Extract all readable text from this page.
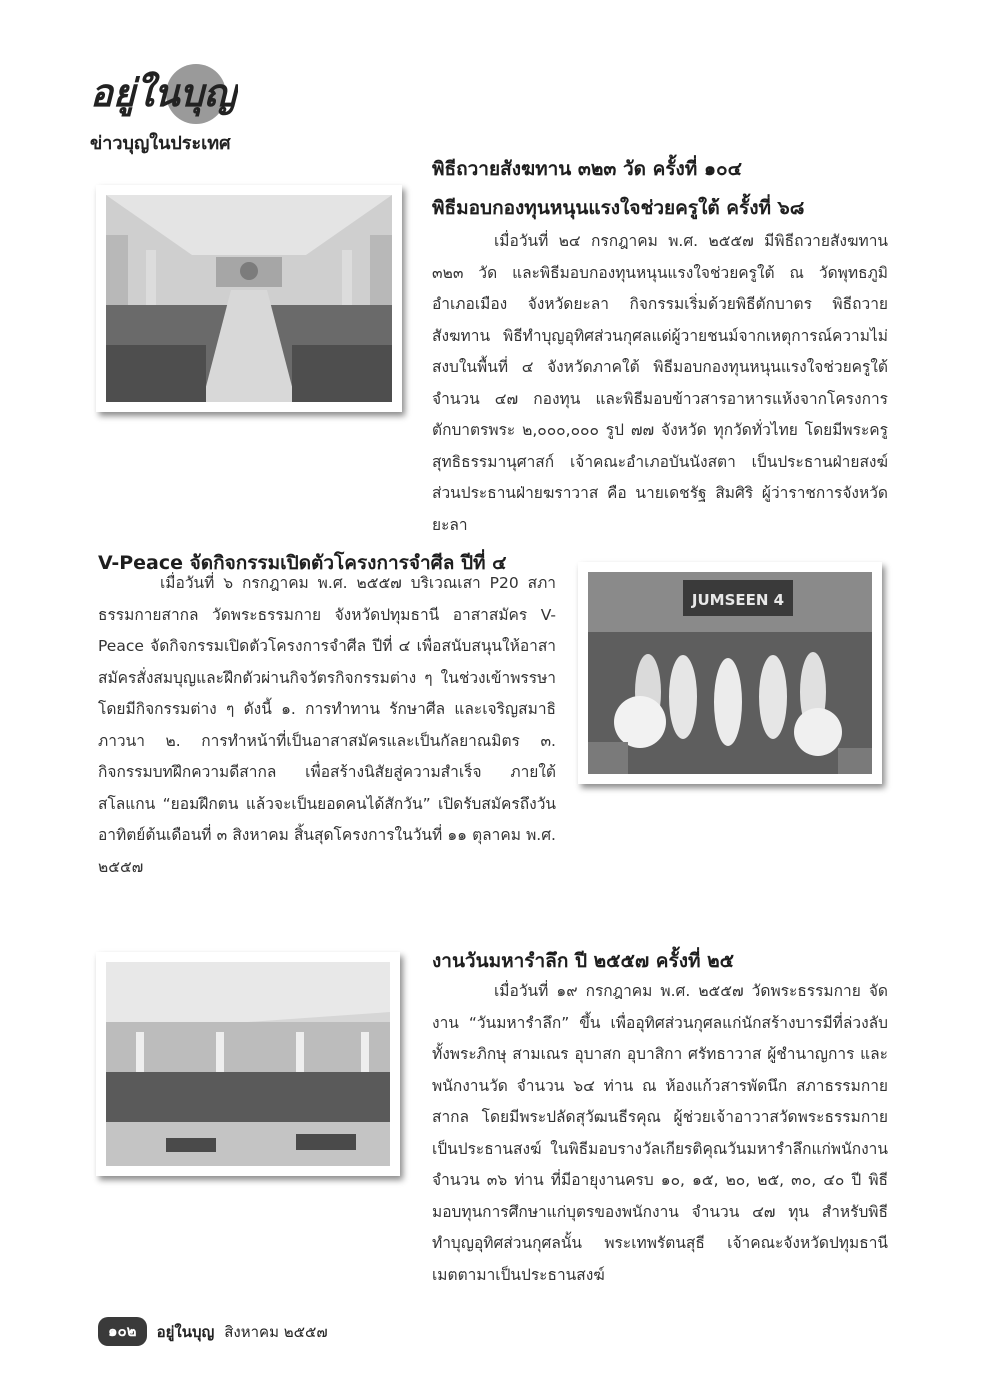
อยู่ในบุญ
ข่าวบุญในประเทศ
พิธีถวายสังฆทาน ๓๒๓ วัด ครั้งที่ ๑๐๔
พิธีมอบกองทุนหนุนแรงใจช่วยครูใต้ ครั้งที่ ๖๘
เมื่อวันที่ ๒๔ กรกฎาคม พ.ศ. ๒๕๕๗ มีพิธีถวายสังฆทาน ๓๒๓ วัด และพิธีมอบกองทุนหนุนแรงใจช่วยครูใต้ ณ วัดพุทธภูมิ อำเภอเมือง จังหวัดยะลา กิจกรรมเริ่มด้วยพิธีตักบาตร พิธีถวายสังฆทาน พิธีทำบุญอุทิศส่วนกุศลแด่ผู้วายชนม์จากเหตุการณ์ความไม่สงบในพื้นที่ ๔ จังหวัดภาคใต้ พิธีมอบกองทุนหนุนแรงใจช่วยครูใต้ จำนวน ๔๗ กองทุน และพิธีมอบข้าวสารอาหารแห้งจากโครงการตักบาตรพระ ๒,๐๐๐,๐๐๐ รูป ๗๗ จังหวัด ทุกวัดทั่วไทย โดยมีพระครูสุทธิธรรมานุศาสก์ เจ้าคณะอำเภอบันนังสตา เป็นประธานฝ่ายสงฆ์ ส่วนประธานฝ่ายฆราวาส คือ นายเดชรัฐ สิมศิริ ผู้ว่าราชการจังหวัดยะลา
V-Peace จัดกิจกรรมเปิดตัวโครงการจำศีล ปีที่ ๔
เมื่อวันที่ ๖ กรกฎาคม พ.ศ. ๒๕๕๗ บริเวณเสา P20 สภาธรรมกายสากล วัดพระธรรมกาย จังหวัดปทุมธานี อาสาสมัคร V-Peace จัดกิจกรรมเปิดตัวโครงการจำศีล ปีที่ ๔ เพื่อสนับสนุนให้อาสาสมัครสั่งสมบุญและฝึกตัวผ่านกิจวัตรกิจกรรมต่าง ๆ ในช่วงเข้าพรรษา โดยมีกิจกรรมต่าง ๆ ดังนี้ ๑. การทำทาน รักษาศีล และเจริญสมาธิภาวนา ๒. การทำหน้าที่เป็นอาสาสมัครและเป็นกัลยาณมิตร ๓. กิจกรรมบทฝึกความดีสากล เพื่อสร้างนิสัยสู่ความสำเร็จ ภายใต้สโลแกน “ยอมฝึกตน แล้วจะเป็นยอดคนได้สักวัน” เปิดรับสมัครถึงวันอาทิตย์ต้นเดือนที่ ๓ สิงหาคม สิ้นสุดโครงการในวันที่ ๑๑ ตุลาคม พ.ศ. ๒๕๕๗
JUMSEEN 4
งานวันมหารำลึก ปี ๒๕๕๗ ครั้งที่ ๒๕
เมื่อวันที่ ๑๙ กรกฎาคม พ.ศ. ๒๕๕๗ วัดพระธรรมกาย จัดงาน “วันมหารำลึก” ขึ้น เพื่ออุทิศส่วนกุศลแก่นักสร้างบารมีที่ล่วงลับ ทั้งพระภิกษุ สามเณร อุบาสก อุบาสิกา ศรัทธาวาส ผู้ชำนาญการ และพนักงานวัด จำนวน ๖๔ ท่าน ณ ห้องแก้วสารพัดนึก สภาธรรมกายสากล โดยมีพระปลัดสุวัฒนธีรคุณ ผู้ช่วยเจ้าอาวาสวัดพระธรรมกาย เป็นประธานสงฆ์ ในพิธีมอบรางวัลเกียรติคุณวันมหารำลึกแก่พนักงานจำนวน ๓๖ ท่าน ที่มีอายุงานครบ ๑๐, ๑๕, ๒๐, ๒๕, ๓๐, ๔๐ ปี พิธีมอบทุนการศึกษาแก่บุตรของพนักงาน จำนวน ๔๗ ทุน สำหรับพิธีทำบุญอุทิศส่วนกุศลนั้น พระเทพรัตนสุธี เจ้าคณะจังหวัดปทุมธานี เมตตามาเป็นประธานสงฆ์
๑๐๒	อยู่ในบุญ สิงหาคม ๒๕๕๗
